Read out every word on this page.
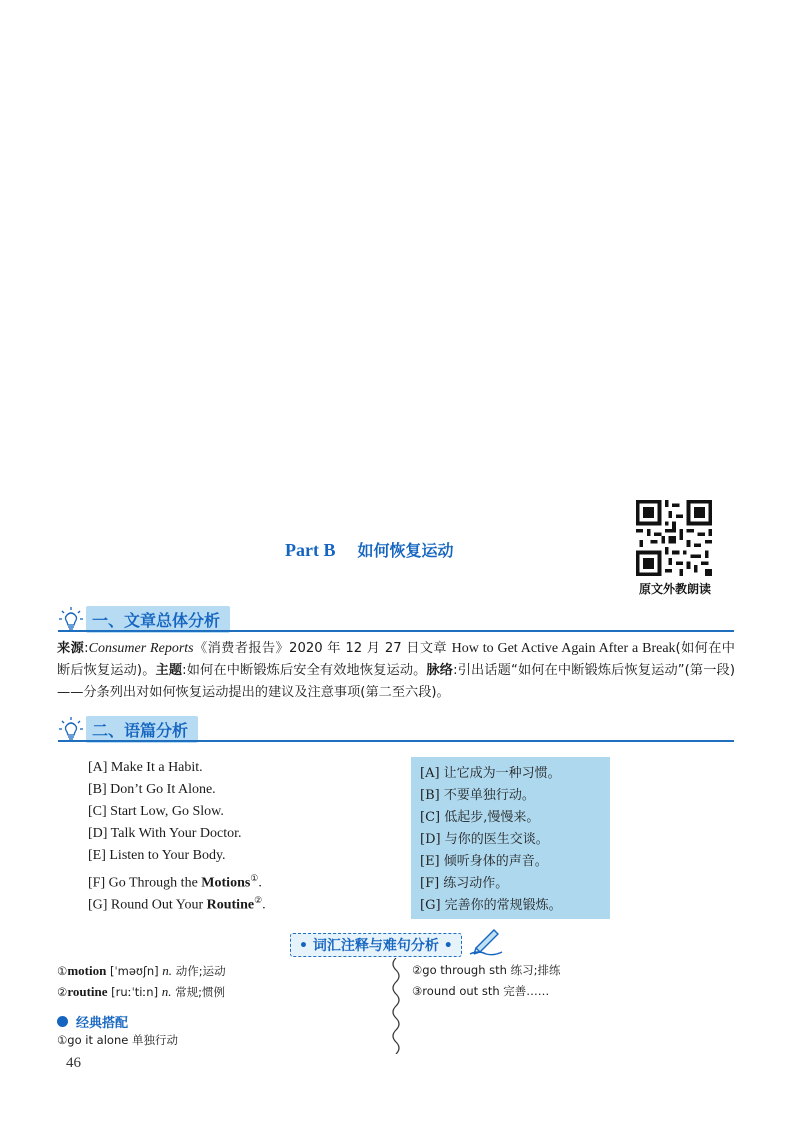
原文外教朗读
Part B 如何恢复运动
一、文章总体分析
来源:Consumer Reports《消费者报告》2020 年 12 月 27 日文章 How to Get Active Again After a Break(如何在中断后恢复运动)。主题:如何在中断锻炼后安全有效地恢复运动。脉络:引出话题“如何在中断锻炼后恢复运动”(第一段)——分条列出对如何恢复运动提出的建议及注意事项(第二至六段)。
二、语篇分析
[A] Make It a Habit.
[B] Don’t Go It Alone.
[C] Start Low, Go Slow.
[D] Talk With Your Doctor.
[E] Listen to Your Body.
[F] Go Through the Motions①.
[G] Round Out Your Routine②.
[A] 让它成为一种习惯。
[B] 不要单独行动。
[C] 低起步,慢慢来。
[D] 与你的医生交谈。
[E] 倾听身体的声音。
[F] 练习动作。
[G] 完善你的常规锻炼。
• 词汇注释与难句分析 •
①motion [ˈməʊʃn] n. 动作;运动
②routine [ruːˈtiːn] n. 常规;惯例
②go through sth 练习;排练
③round out sth 完善……
经典搭配
①go it alone 单独行动
46
